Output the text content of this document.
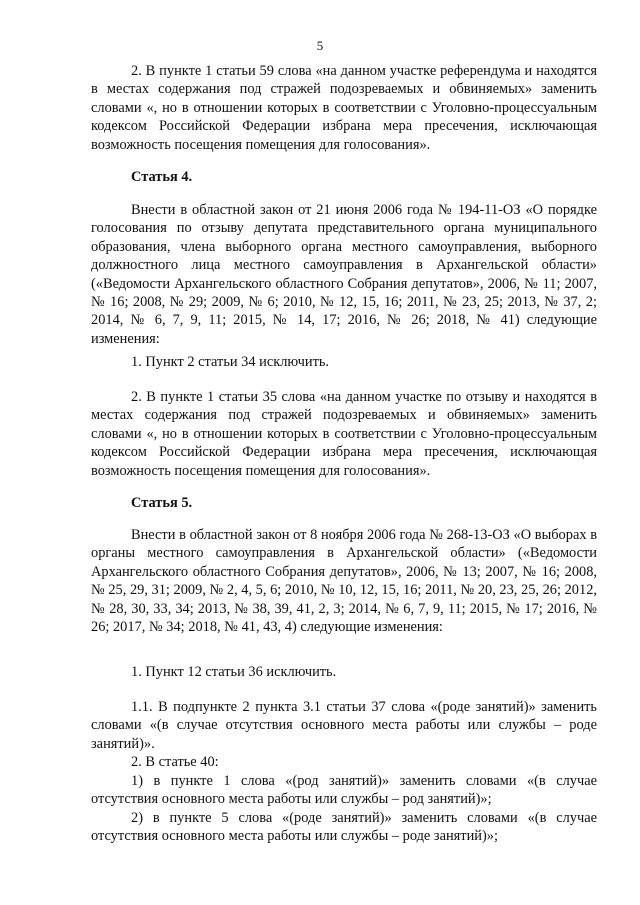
5
2. В пункте 1 статьи 59 слова «на данном участке референдума и находятся в местах содержания под стражей подозреваемых и обвиняемых» заменить словами «, но в отношении которых в соответствии с Уголовно-процессуальным кодексом Российской Федерации избрана мера пресечения, исключающая возможность посещения помещения для голосования».
Статья 4.
Внести в областной закон от 21 июня 2006 года № 194-11-ОЗ «О порядке голосования по отзыву депутата представительного органа муниципального образования, члена выборного органа местного самоуправления, выборного должностного лица местного самоуправления в Архангельской области» («Ведомости Архангельского областного Собрания депутатов», 2006, № 11; 2007, № 16; 2008, № 29; 2009, № 6; 2010, № 12, 15, 16; 2011, № 23, 25; 2013, № 37, 2; 2014, № 6, 7, 9, 11; 2015, № 14, 17; 2016, № 26; 2018, № 41) следующие изменения:
1. Пункт 2 статьи 34 исключить.
2. В пункте 1 статьи 35 слова «на данном участке по отзыву и находятся в местах содержания под стражей подозреваемых и обвиняемых» заменить словами «, но в отношении которых в соответствии с Уголовно-процессуальным кодексом Российской Федерации избрана мера пресечения, исключающая возможность посещения помещения для голосования».
Статья 5.
Внести в областной закон от 8 ноября 2006 года № 268-13-ОЗ «О выборах в органы местного самоуправления в Архангельской области» («Ведомости Архангельского областного Собрания депутатов», 2006, № 13; 2007, № 16; 2008, № 25, 29, 31; 2009, № 2, 4, 5, 6; 2010, № 10, 12, 15, 16; 2011, № 20, 23, 25, 26; 2012, № 28, 30, 33, 34; 2013, № 38, 39, 41, 2, 3; 2014, № 6, 7, 9, 11; 2015, № 17; 2016, № 26; 2017, № 34; 2018, № 41, 43, 4) следующие изменения:
1. Пункт 12 статьи 36 исключить.
1.1. В подпункте 2 пункта 3.1 статьи 37 слова «(роде занятий)» заменить словами «(в случае отсутствия основного места работы или службы – роде занятий)».
2. В статье 40:
1) в пункте 1 слова «(род занятий)» заменить словами «(в случае отсутствия основного места работы или службы – род занятий)»;
2) в пункте 5 слова «(роде занятий)» заменить словами «(в случае отсутствия основного места работы или службы – роде занятий)»;
